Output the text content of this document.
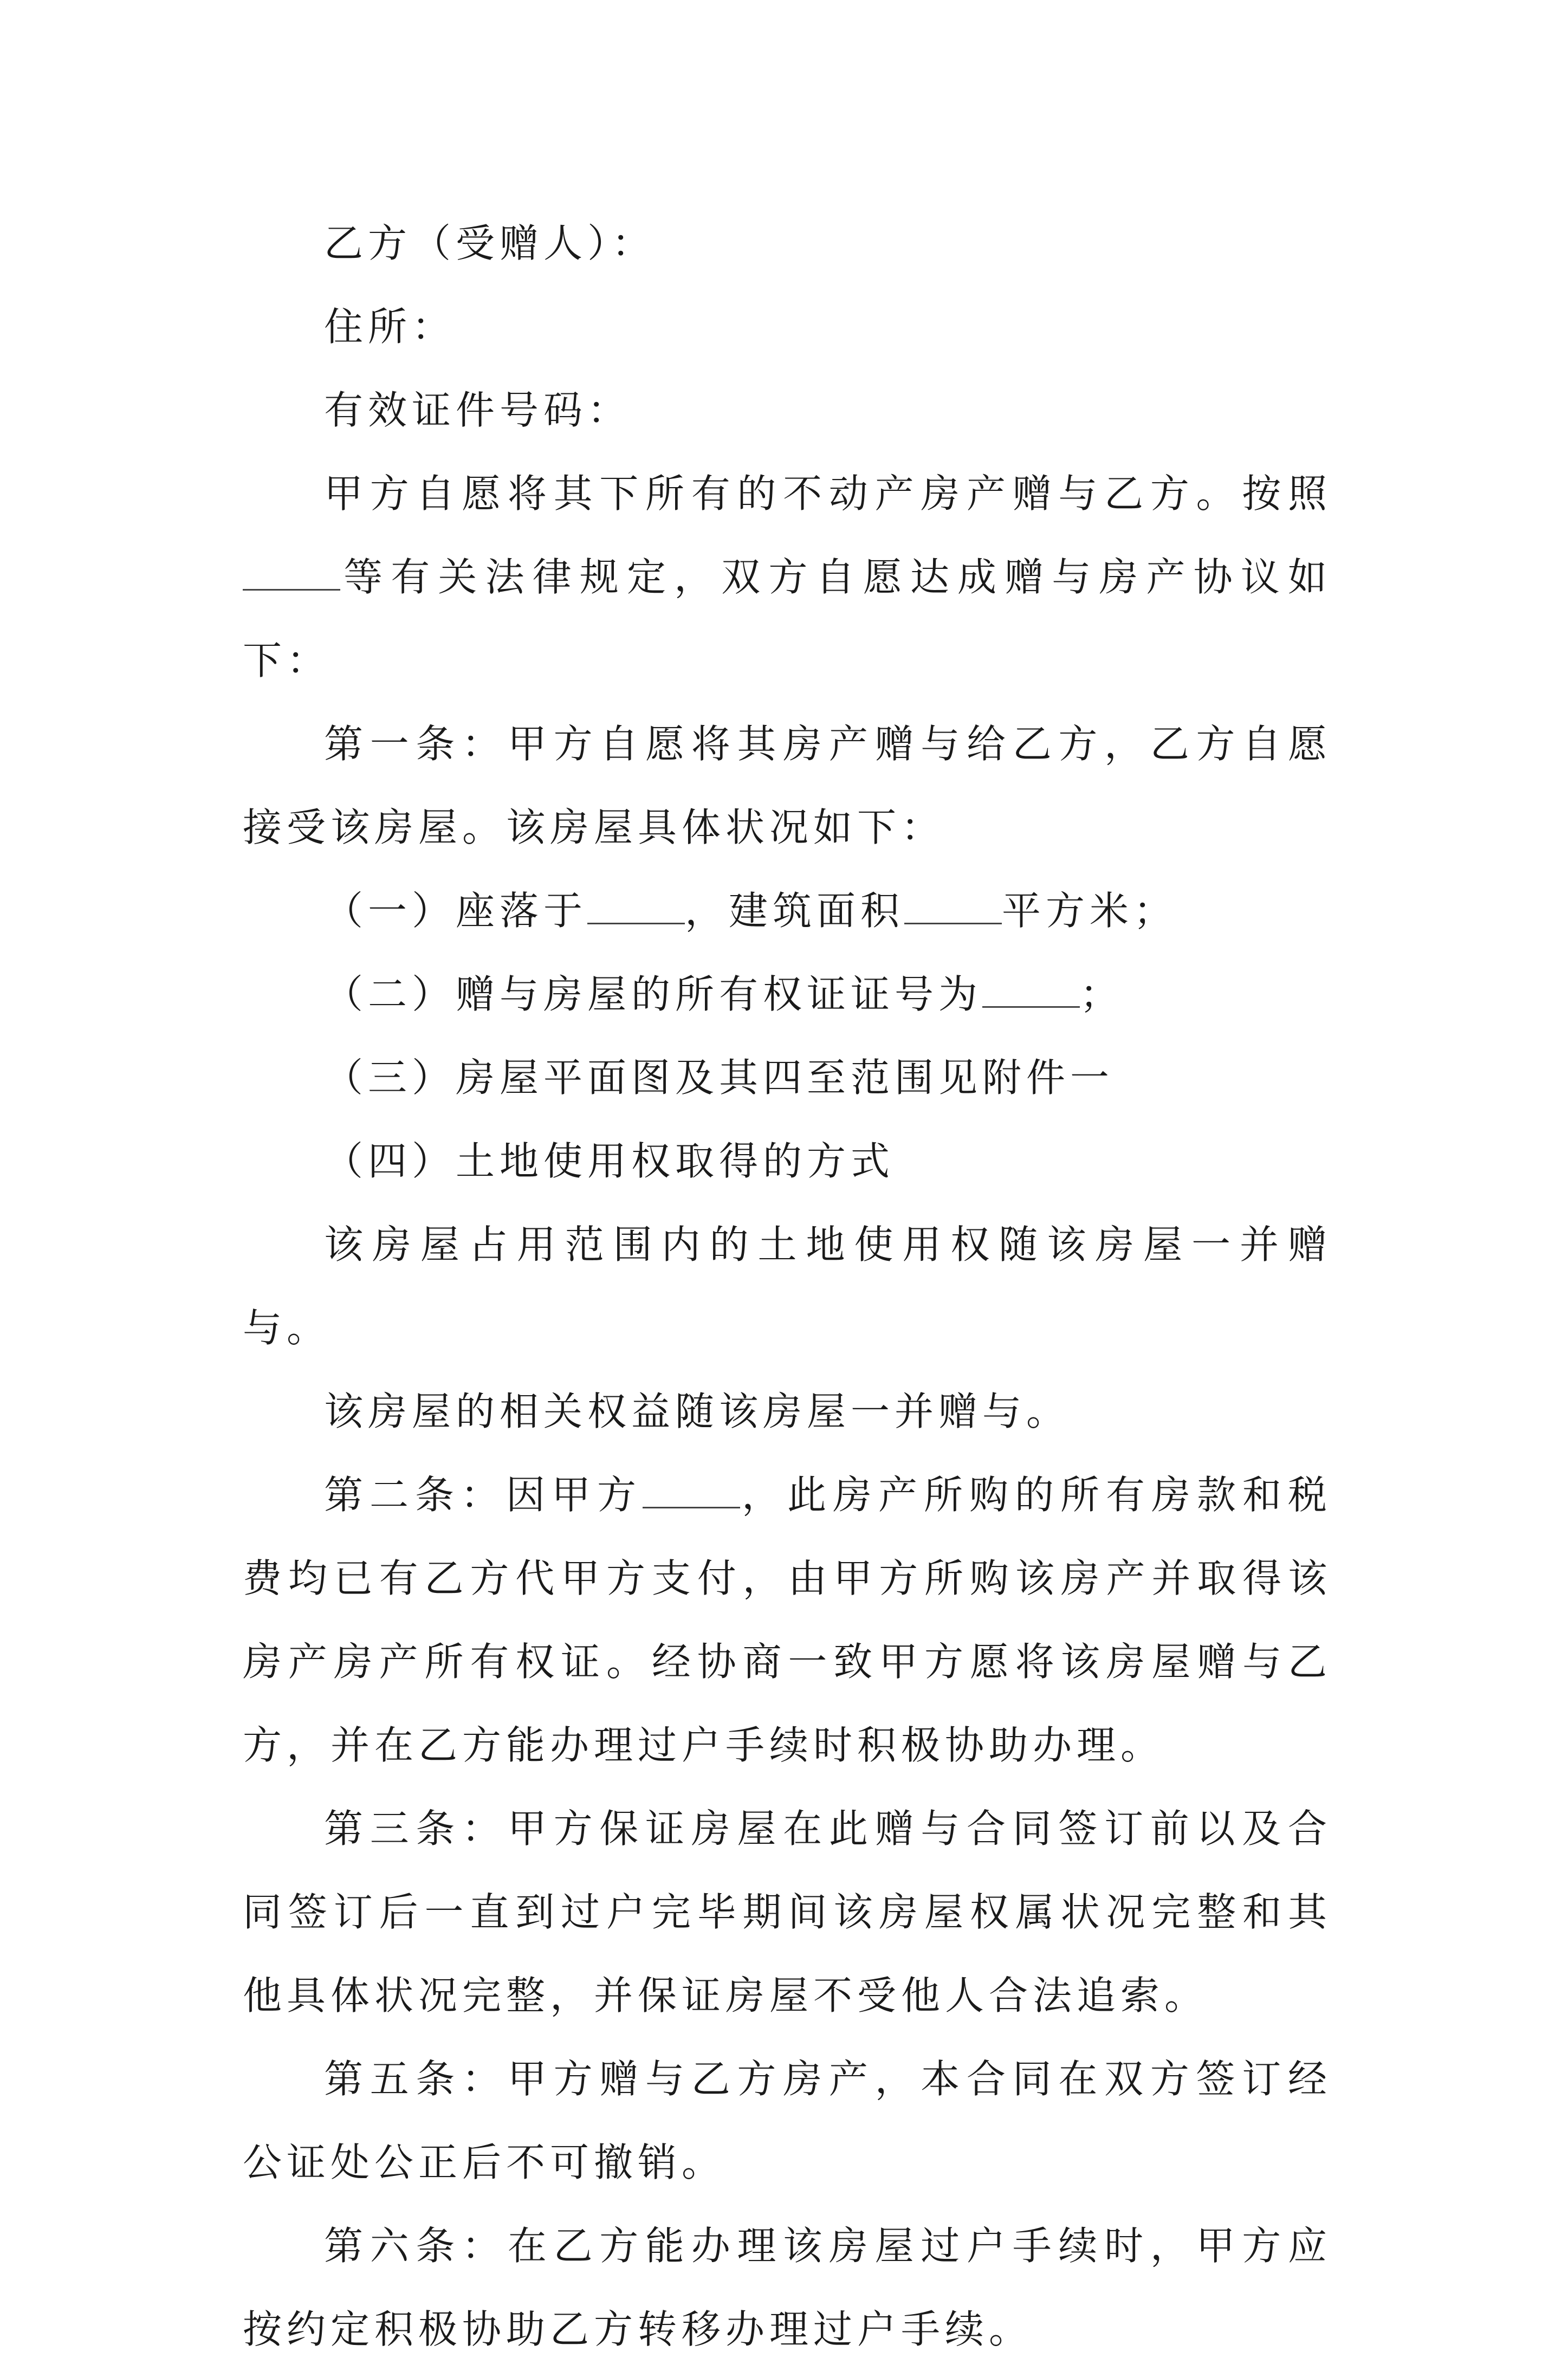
乙方（受赠人）：

住所：

有效证件号码：

甲方自愿将其下所有的不动产房产赠与乙方。按照等有关法律规定，双方自愿达成赠与房产协议如下：

第一条：甲方自愿将其房产赠与给乙方，乙方自愿接受该房屋。该房屋具体状况如下：

（一）座落于	，建筑面积	平方米；

（二）赠与房屋的所有权证证号为	；

（三）房屋平面图及其四至范围见附件一

（四）土地使用权取得的方式

该房屋占用范围内的土地使用权随该房屋一并赠与。

该房屋的相关权益随该房屋一并赠与。

第二条：因甲方	，此房产所购的所有房款和税费均已有乙方代甲方支付，由甲方所购该房产并取得该房产房产所有权证。经协商一致甲方愿将该房屋赠与乙方，并在乙方能办理过户手续时积极协助办理。

第三条：甲方保证房屋在此赠与合同签订前以及合同签订后一直到过户完毕期间该房屋权属状况完整和其他具体状况完整，并保证房屋不受他人合法追索。

第五条：甲方赠与乙方房产，本合同在双方签订经公证处公正后不可撤销。

第六条：在乙方能办理该房屋过户手续时，甲方应按约定积极协助乙方转移办理过户手续。
